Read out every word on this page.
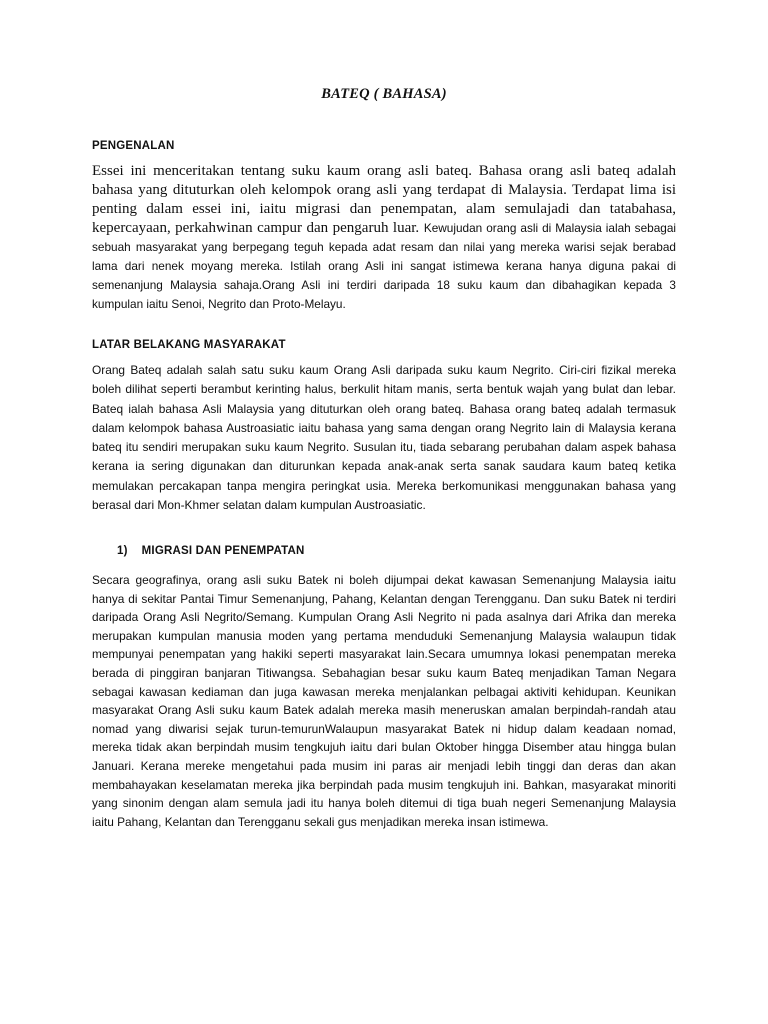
BATEQ ( BAHASA)
PENGENALAN

Essei ini menceritakan tentang suku kaum orang asli bateq. Bahasa orang asli bateq adalah bahasa yang dituturkan oleh kelompok orang asli yang terdapat di Malaysia. Terdapat lima isi penting dalam essei ini, iaitu migrasi dan penempatan, alam semulajadi dan tatabahasa, kepercayaan, perkahwinan campur dan pengaruh luar. Kewujudan orang asli di Malaysia ialah sebagai sebuah masyarakat yang berpegang teguh kepada adat resam dan nilai yang mereka warisi sejak berabad lama dari nenek moyang mereka. Istilah orang Asli ini sangat istimewa kerana hanya diguna pakai di semenanjung Malaysia sahaja.Orang Asli ini terdiri daripada 18 suku kaum dan dibahagikan kepada 3 kumpulan iaitu Senoi, Negrito dan Proto-Melayu.

LATAR BELAKANG MASYARAKAT

Orang Bateq adalah salah satu suku kaum Orang Asli daripada suku kaum Negrito. Ciri-ciri fizikal mereka boleh dilihat seperti berambut kerinting halus, berkulit hitam manis, serta bentuk wajah yang bulat dan lebar. Bateq ialah bahasa Asli Malaysia yang dituturkan oleh orang bateq. Bahasa orang bateq adalah termasuk dalam kelompok bahasa Austroasiatic iaitu bahasa yang sama dengan orang Negrito lain di Malaysia kerana bateq itu sendiri merupakan suku kaum Negrito. Susulan itu, tiada sebarang perubahan dalam aspek bahasa kerana ia sering digunakan dan diturunkan kepada anak-anak serta sanak saudara kaum bateq ketika memulakan percakapan tanpa mengira peringkat usia. Mereka berkomunikasi menggunakan bahasa yang berasal dari Mon-Khmer selatan dalam kumpulan Austroasiatic.

1) MIGRASI DAN PENEMPATAN

Secara geografinya, orang asli suku Batek ni boleh dijumpai dekat kawasan Semenanjung Malaysia iaitu hanya di sekitar Pantai Timur Semenanjung, Pahang, Kelantan dengan Terengganu. Dan suku Batek ni terdiri daripada Orang Asli Negrito/Semang. Kumpulan Orang Asli Negrito ni pada asalnya dari Afrika dan mereka merupakan kumpulan manusia moden yang pertama menduduki Semenanjung Malaysia walaupun tidak mempunyai penempatan yang hakiki seperti masyarakat lain.Secara umumnya lokasi penempatan mereka berada di pinggiran banjaran Titiwangsa. Sebahagian besar suku kaum Bateq menjadikan Taman Negara sebagai kawasan kediaman dan juga kawasan mereka menjalankan pelbagai aktiviti kehidupan. Keunikan masyarakat Orang Asli suku kaum Batek adalah mereka masih meneruskan amalan berpindah-randah atau nomad yang diwarisi sejak turun-temurunWalaupun masyarakat Batek ni hidup dalam keadaan nomad, mereka tidak akan berpindah musim tengkujuh iaitu dari bulan Oktober hingga Disember atau hingga bulan Januari. Kerana mereke mengetahui pada musim ini paras air menjadi lebih tinggi dan deras dan akan membahayakan keselamatan mereka jika berpindah pada musim tengkujuh ini. Bahkan, masyarakat minoriti yang sinonim dengan alam semula jadi itu hanya boleh ditemui di tiga buah negeri Semenanjung Malaysia iaitu Pahang, Kelantan dan Terengganu sekali gus menjadikan mereka insan istimewa.
